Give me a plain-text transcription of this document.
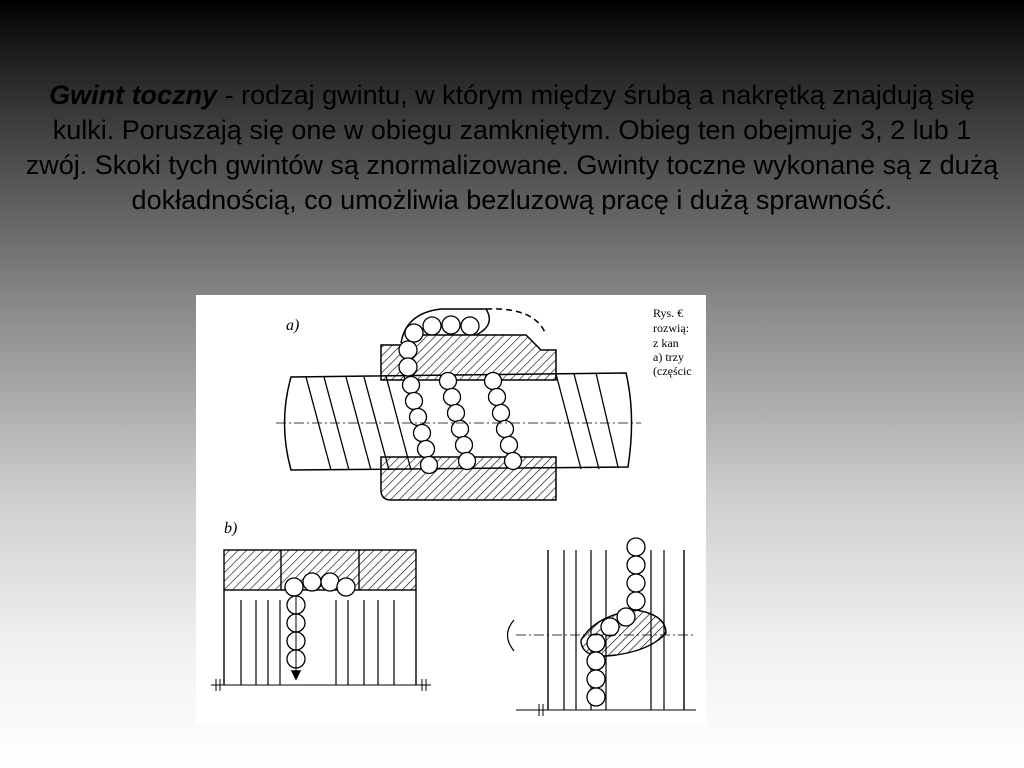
Gwint toczny - rodzaj gwintu, w którym między śrubą a nakrętką znajdują się kulki. Poruszają się one w obiegu zamkniętym. Obieg ten obejmuje 3, 2 lub 1 zwój. Skoki tych gwintów są znormalizowane. Gwinty toczne wykonane są z dużą dokładnością, co umożliwia bezluzową pracę i dużą sprawność.
a)
Rys. €
rozwią:
z kan
a) trzy
(częścic
b)
